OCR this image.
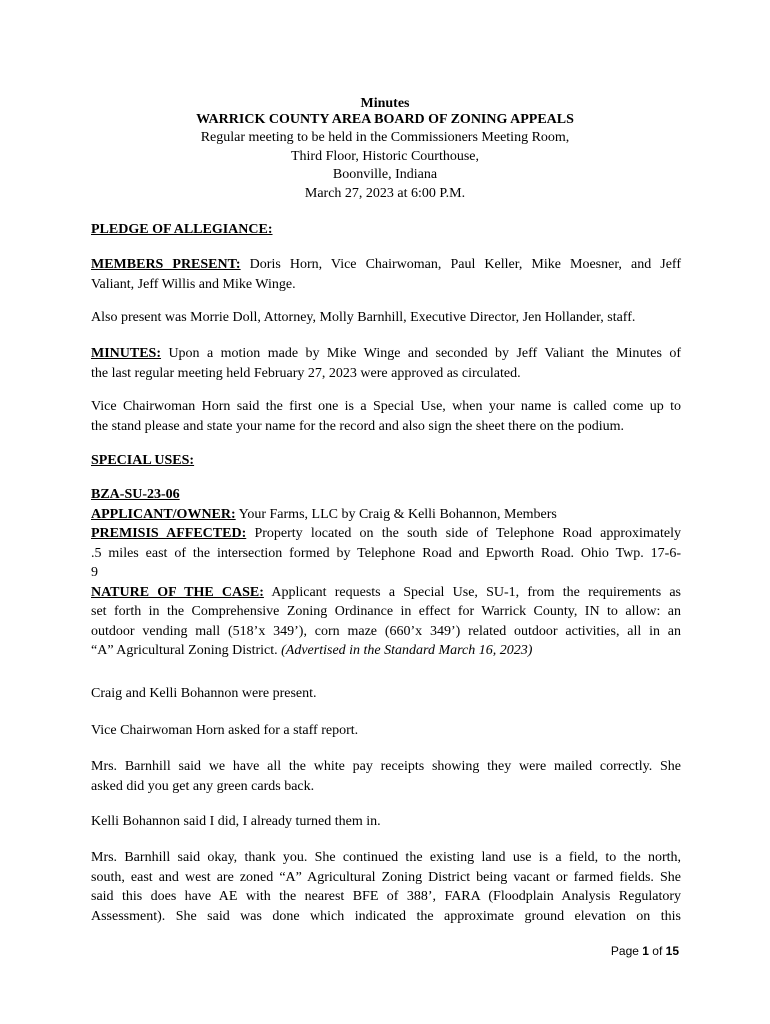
Minutes
WARRICK COUNTY AREA BOARD OF ZONING APPEALS
Regular meeting to be held in the Commissioners Meeting Room,
Third Floor, Historic Courthouse,
Boonville, Indiana
March 27, 2023 at 6:00 P.M.
PLEDGE OF ALLEGIANCE:
MEMBERS PRESENT: Doris Horn, Vice Chairwoman, Paul Keller, Mike Moesner, and Jeff
Valiant, Jeff Willis and Mike Winge.
Also present was Morrie Doll, Attorney, Molly Barnhill, Executive Director, Jen Hollander, staff.
MINUTES: Upon a motion made by Mike Winge and seconded by Jeff Valiant the Minutes of
the last regular meeting held February 27, 2023 were approved as circulated.
Vice Chairwoman Horn said the first one is a Special Use, when your name is called come up to
the stand please and state your name for the record and also sign the sheet there on the podium.
SPECIAL USES:
BZA-SU-23-06
APPLICANT/OWNER: Your Farms, LLC by Craig & Kelli Bohannon, Members
PREMISIS AFFECTED: Property located on the south side of Telephone Road approximately
.5 miles east of the intersection formed by Telephone Road and Epworth Road. Ohio Twp. 17-6-
9
NATURE OF THE CASE: Applicant requests a Special Use, SU-1, from the requirements as
set forth in the Comprehensive Zoning Ordinance in effect for Warrick County, IN to allow: an
outdoor vending mall (518’x 349’), corn maze (660’x 349’) related outdoor activities, all in an
“A” Agricultural Zoning District. (Advertised in the Standard March 16, 2023)
Craig and Kelli Bohannon were present.
Vice Chairwoman Horn asked for a staff report.
Mrs. Barnhill said we have all the white pay receipts showing they were mailed correctly. She
asked did you get any green cards back.
Kelli Bohannon said I did, I already turned them in.
Mrs. Barnhill said okay, thank you. She continued the existing land use is a field, to the north,
south, east and west are zoned “A” Agricultural Zoning District being vacant or farmed fields. She
said this does have AE with the nearest BFE of 388’, FARA (Floodplain Analysis Regulatory
Assessment). She said was done which indicated the approximate ground elevation on this
Page 1 of 15
